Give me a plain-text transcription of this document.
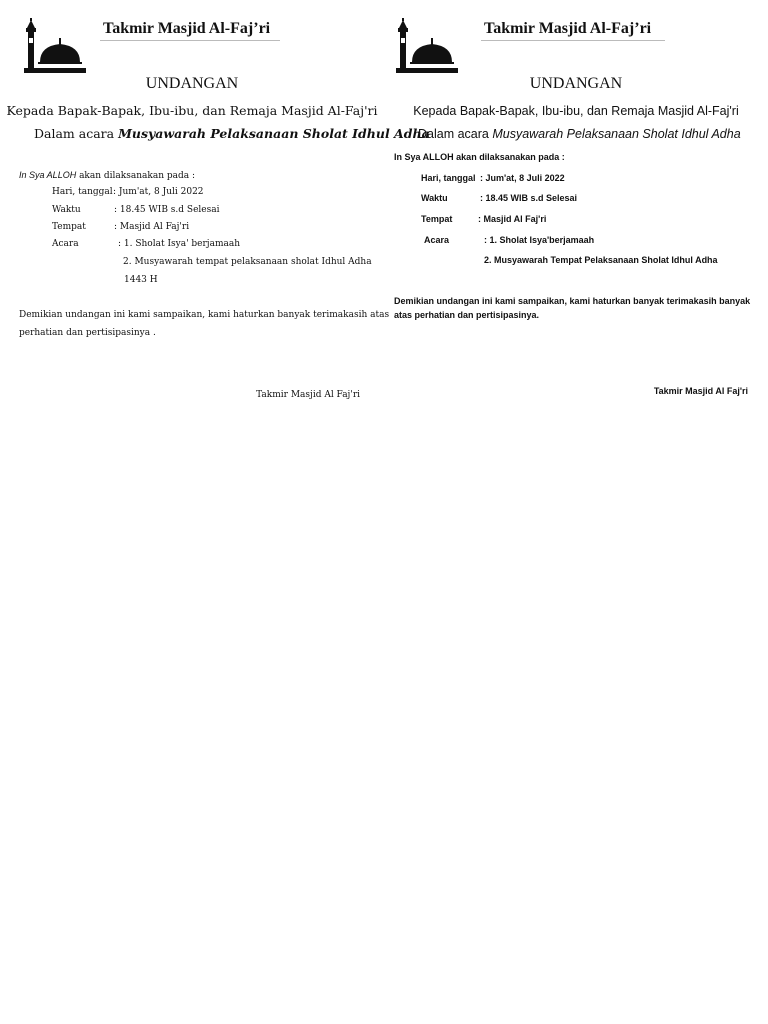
Takmir Masjid Al-Faj’ri
UNDANGAN
Kepada Bapak-Bapak, Ibu-ibu, dan Remaja Masjid Al-Faj'ri
Dalam acara Musyawarah Pelaksanaan Sholat Idhul Adha
In Sya ALLOH akan dilaksanakan pada :
Hari, tanggal : Jum'at, 8 Juli 2022
Waktu	: 18.45 WIB s.d Selesai
Tempat	: Masjid Al Faj'ri
Acara	: 1. Sholat Isya' berjamaah
2. Musyawarah tempat pelaksanaan sholat Idhul Adha
1443 H
Demikian undangan ini kami sampaikan, kami haturkan banyak terimakasih atas
perhatian dan pertisipasinya .
Takmir Masjid Al Faj'ri
Takmir Masjid Al-Faj’ri
UNDANGAN
Kepada Bapak-Bapak, Ibu-ibu, dan Remaja Masjid Al-Faj'ri
Dalam acara Musyawarah Pelaksanaan Sholat Idhul Adha
In Sya ALLOH akan dilaksanakan pada :
Hari, tanggal : Jum'at, 8 Juli 2022
Waktu	: 18.45 WIB s.d Selesai
Tempat	: Masjid Al Faj'ri
Acara	: 1. Sholat Isya'berjamaah
2. Musyawarah Tempat Pelaksanaan Sholat Idhul Adha
Demikian undangan ini kami sampaikan, kami haturkan banyak terimakasih banyak
atas perhatian dan pertisipasinya.
Takmir Masjid Al Faj'ri
